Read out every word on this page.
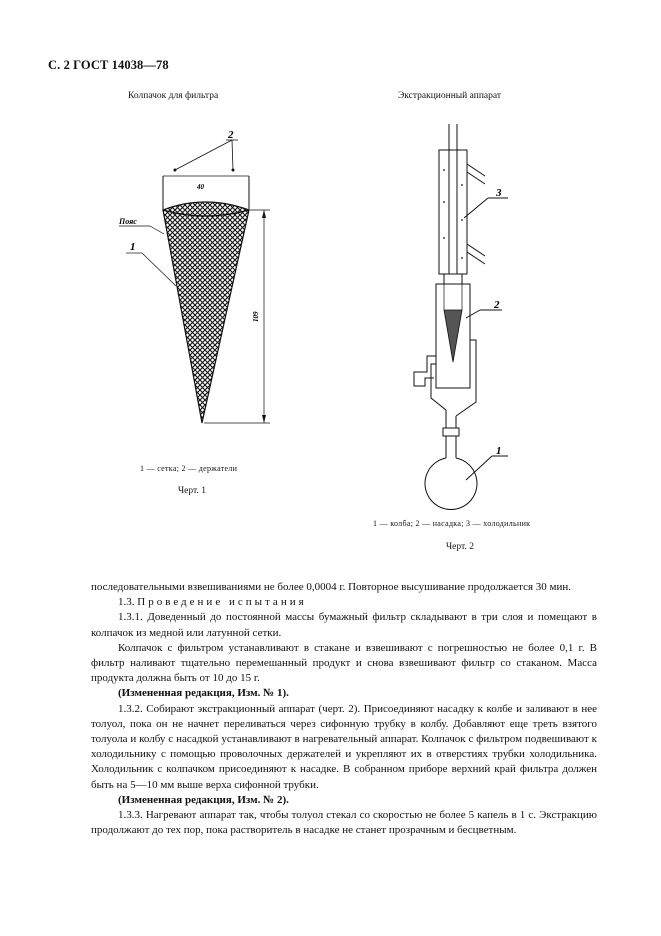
С. 2 ГОСТ 14038—78
Колпачок для фильтра
1 — сетка; 2 — держатели
Черт. 1
2
40
109
Пояс
1
Экстракционный аппарат
1 — колба; 2 — насадка; 3 — холодильник
Черт. 2
3
2
1

последовательными взвешиваниями не более 0,0004 г. Повторное высушивание продолжается 30 мин.

1.3. Проведение испытания

1.3.1. Доведенный до постоянной массы бумажный фильтр складывают в три слоя и помещают в колпачок из медной или латунной сетки.

Колпачок с фильтром устанавливают в стакане и взвешивают с погрешностью не более 0,1 г. В фильтр наливают тщательно перемешанный продукт и снова взвешивают фильтр со стаканом. Масса продукта должна быть от 10 до 15 г.

(Измененная редакция, Изм. № 1).

1.3.2. Собирают экстракционный аппарат (черт. 2). Присоединяют насадку к колбе и заливают в нее толуол, пока он не начнет переливаться через сифонную трубку в колбу. Добавляют еще треть взятого толуола и колбу с насадкой устанавливают в нагревательный аппарат. Колпачок с фильтром подвешивают к холодильнику с помощью проволочных держателей и укрепляют их в отверстиях трубки холодильника. Холодильник с колпачком присоединяют к насадке. В собранном приборе верхний край фильтра должен быть на 5—10 мм выше верха сифонной трубки.

(Измененная редакция, Изм. № 2).

1.3.3. Нагревают аппарат так, чтобы толуол стекал со скоростью не более 5 капель в 1 с. Экстракцию продолжают до тех пор, пока растворитель в насадке не станет прозрачным и бесцветным.
